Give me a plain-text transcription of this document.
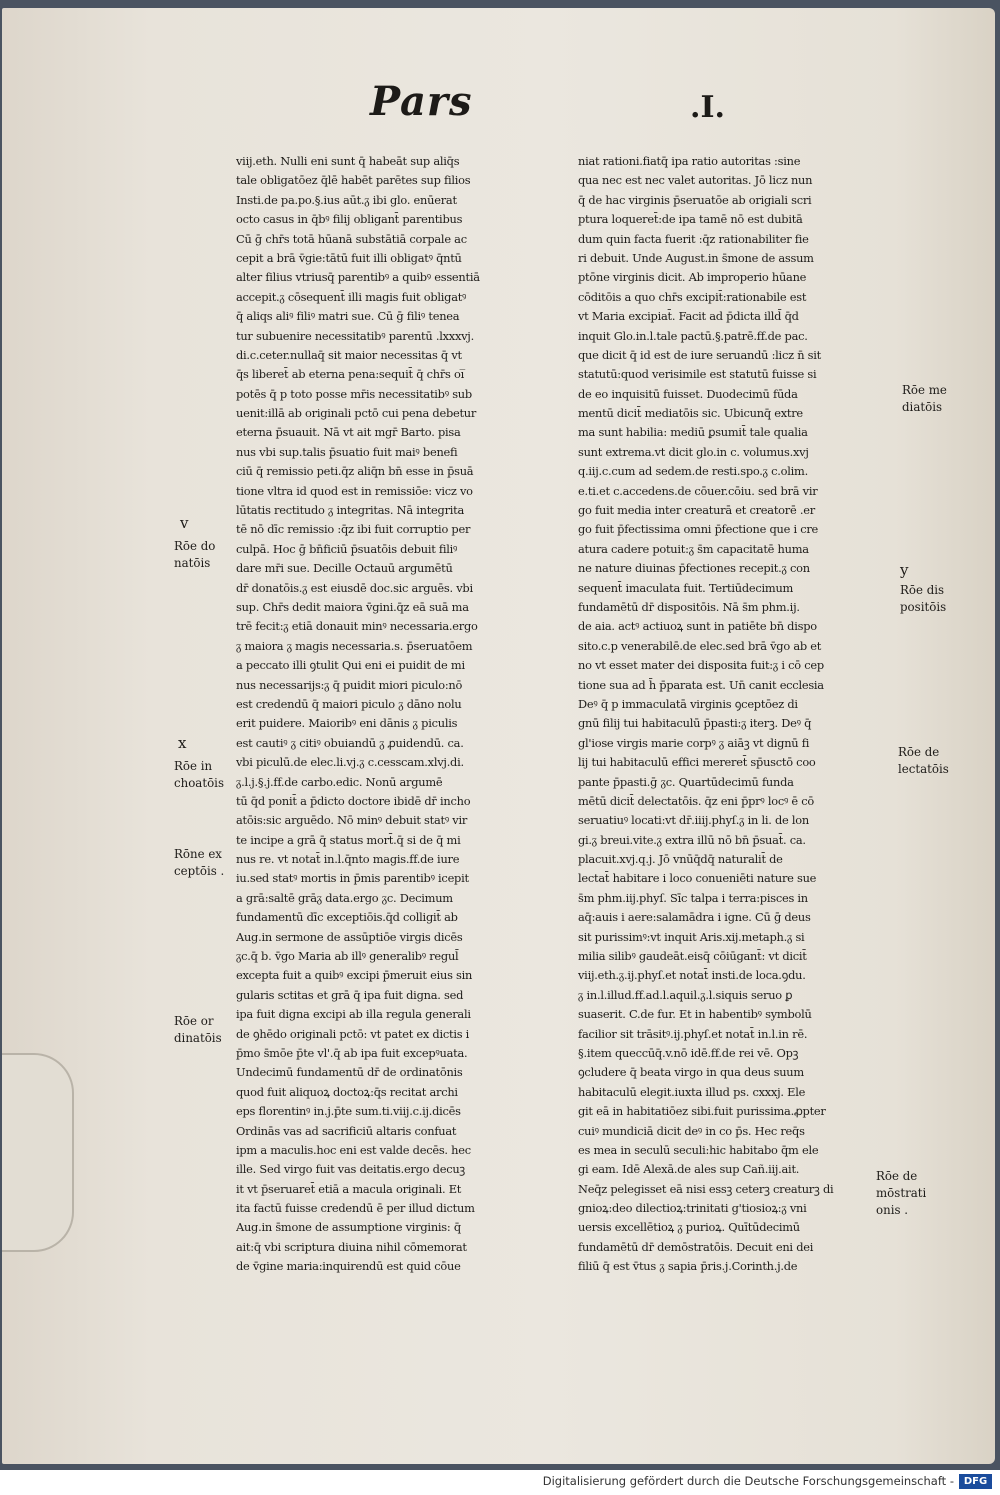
Pars	.I.
viij.eth. Nulli eni sunt q̄ habeāt sup aliq̄s
tale obligatōez q̄lē habēt parētes sup filios
Insti.de pa.po.§.ius aūt.ᵹ ibi glo. enūerat
octo casus in q̄bꝰ filij obligant̄ parentibus
Cū ḡ chr̄s totā hūanā substātiā corpale ac
cepit a brā v̄gie:tātū fuit illi obligatꝰ q̄ntū
alter filius vtriusq̄ parentibꝰ a quibꝰ essentiā
accepit.ᵹ cōsequent̄ illi magis fuit obligatꝰ
q̄ aliqs aliꝰ filiꝰ matri sue. Cū ḡ filiꝰ tenea
tur subuenire necessitatibꝰ parentū .lxxxvj.
di.c.ceter.nullaq̄ sit maior necessitas q̄ vt
q̄s liberet̄ ab eterna pena:sequit̄ q̄ chr̄s oi̅
potēs q̄ p toto posse mr̄is necessitatibꝰ sub
uenit:illā ab originali pctō cui pena debetur
eterna p̄suauit. Nā vt ait mgr̄ Barto. pisa
nus vbi sup.talis p̄suatio fuit maiꝰ benefi
ciū q̄ remissio peti.q̄z aliq̄n bn̄ esse in p̄suā
tione vltra id quod est in remissiōe: vicz vo
lūtatis rectitudo ᵹ integritas. Nā integrita
tē nō dīc remissio :q̄z ibi fuit corruptio per
culpā. Hoc ḡ bn̄ficiū p̄suatōis debuit filiꝰ
dare mr̄i sue. Decille Octauū argumētū
dr̄ donatōis.ᵹ est eiusdē doc.sic arguēs. vbi
sup. Chr̄s dedit maiora v̄gini.q̄z eā suā ma
trē fecit:ᵹ etiā donauit minꝰ necessaria.ergo
ᵹ maiora ᵹ magis necessaria.s. p̄seruatōem
a peccato illi ꝯtulit Qui eni ei puidit de mi
nus necessarijs:ᵹ q̄ puidit miori piculo:nō
est credendū q̄ maiori piculo ᵹ dāno nolu
erit puidere. Maioribꝰ eni dānis ᵹ piculis
est cautiꝰ ᵹ citiꝰ obuiandū ᵹ ꝓuidendū. ca.
vbi piculū.de elec.li.vj.ᵹ c.cesscam.xlvj.di.
ᵹ.l.j.§.j.ff.de carbo.edic. Nonū argumē
tū q̄d ponit̄ a p̄dicto doctore ibidē dr̄ incho
atōis:sic arguēdo. Nō minꝰ debuit statꝰ vir
te incipe a grā q̄ status mort̄.q̄ si de q̄ mi
nus re. vt notat̄ in.l.q̄nto magis.ff.de iure
iu.sed statꝰ mortis in p̄mis parentibꝰ icepit
a grā:saltē grāᵹ data.ergo ᵹc. Decimum
fundamentū dīc exceptiōis.q̄d colligit̄ ab
Aug.in sermone de assūptiōe virgis dicēs
ᵹc.q̄ b. v̄go Maria ab illꝰ generalibꝰ regul̄
excepta fuit a quibꝰ excipi p̄meruit eius sin
gularis sctitas et grā q̄ ipa fuit digna. sed
ipa fuit digna excipi ab illa regula generali
de ꝯhēdo originali pctō: vt patet ex dictis i
p̄mo s̄mōe p̄te vl'.q̄ ab ipa fuit excepꝰuata.
Undecimū fundamentū dr̄ de ordinatōnis
quod fuit aliquoꝝ doctoꝝ:q̄s recitat archi
eps florentinꝰ in.j.p̄te sum.ti.viij.c.ij.dicēs
Ordinās vas ad sacrificiū altaris confuat
ipm a maculis.hoc eni est valde decēs. hec
ille. Sed virgo fuit vas deitatis.ergo decuꝫ
it vt p̄seruaret̄ etiā a macula originali. Et
ita factū fuisse credendū ē per illud dictum
Aug.in s̄mone de assumptione virginis: q̄
ait:q̄ vbi scriptura diuina nihil cōmemorat
de v̄gine maria:inquirendū est quid cōue
niat rationi.fiatq̄ ipa ratio autoritas :sine
qua nec est nec valet autoritas. Jō licz nun
q̄ de hac virginis p̄seruatōe ab origiali scri
ptura loqueret̄:de ipa tamē nō est dubitā
dum quin facta fuerit :q̄z rationabiliter fie
ri debuit. Unde August.in s̄mone de assum
ptōne virginis dicit. Ab improperio hūane
cōditōis a quo chr̄s excipit̄:rationabile est
vt Maria excipiat̄. Facit ad p̄dicta illd̄ q̄d
inquit Glo.in.l.tale pactū.§.patrē.ff.de pac.
que dicit q̄ id est de iure seruandū :licz n̄ sit
statutū:quod verisimile est statutū fuisse si
de eo inquisitū fuisset. Duodecimū fūda
mentū dicit̄ mediatōis sic. Ubicunq̄ extre
ma sunt habilia: mediū ꝑsumit̄ tale qualia
sunt extrema.vt dicit glo.in c. volumus.xvj
q.iij.c.cum ad sedem.de resti.spo.ᵹ c.olim.
e.ti.et c.accedens.de cōuer.cōiu. sed brā vir
go fuit media inter creaturā et creatorē .er
go fuit p̄fectissima omni p̄fectione que i cre
atura cadere potuit:ᵹ s̄m capacitatē huma
ne nature diuinas p̄fectiones recepit.ᵹ con
sequent̄ imaculata fuit. Tertiūdecimum
fundamētū dr̄ dispositōis. Nā s̄m phm.ij.
de aia. actꝰ actiuoꝝ sunt in patiēte bn̄ dispo
sito.c.p venerabilē.de elec.sed brā v̄go ab et
no vt esset mater dei disposita fuit:ᵹ i cō cep
tione sua ad h̄ p̄parata est. Un̄ canit ecclesia
Deꝰ q̄ p immaculatā virginis ꝯceptōez di
gnū filij tui habitaculū p̄pasti:ᵹ iterꝫ. Deꝰ q̄
gl'iose virgis marie corpꝰ ᵹ aiāꝫ vt dignū fi
lij tui habitaculū effici mereret̄ sp̄usctō coo
pante p̄pasti.ḡ ᵹc. Quartūdecimū funda
mētū dicit̄ delectatōis. q̄z eni p̄prꝰ locꝰ ē cō
seruatiuꝰ locati:vt dr̄.iiij.phyſ.ᵹ in li. de lon
gi.ᵹ breui.vite.ᵹ extra illū nō bn̄ p̄suat̄. ca.
placuit.xvj.q.j. Jō vnūq̄dq̄ naturalit̄ de
lectat̄ habitare i loco conueniēti nature sue
s̄m phm.iij.phyſ. Sīc talpa i terra:pisces in
aq̄:auis i aere:salamādra i igne. Cū ḡ deus
sit purissimꝰ:vt inquit Aris.xij.metaph.ᵹ si
milia silibꝰ gaudeāt.eisq̄ cōiūgant̄: vt dicit̄
viij.eth.ᵹ.ij.phyſ.et notat̄ insti.de loca.ꝯdu.
ᵹ in.l.illud.ff.ad.l.aquil.ᵹ.l.siquis seruo ꝑ
suaserit. C.de fur. Et in habentibꝰ symbolū
facilior sit trāsitꝰ.ij.phyſ.et notat̄ in.l.in rē.
§.item queccūq̄.v.nō idē.ff.de rei vē. Opꝫ
ꝯcludere q̄ beata virgo in qua deus suum
habitaculū elegit.iuxta illud ps. cxxxj. Ele
git eā in habitatiōez sibi.fuit purissima.ꝓpter
cuiꝰ mundiciā dicit deꝰ in co p̄s. Hec req̄s
es mea in seculū seculi:hic habitabo q̄m ele
gi eam. Idē Alexā.de ales sup Cañ.iij.ait.
Neq̄z pelegisset eā nisi essꝫ ceterꝫ creaturꝫ di
gnioꝝ:deo dilectioꝝ:trinitati g'tiosioꝝ:ᵹ vni
uersis excellētioꝝ ᵹ purioꝝ. Quītūdecimū
fundamētū dr̄ demōstratōis. Decuit eni dei
filiū q̄ est v̄tus ᵹ sapia p̄ris.j.Corinth.j.de
v
Rōe do
natōis
x
Rōe in
choatōis
Rōne ex
ceptōis .
Rōe or
dinatōis
Rōe me
diatōis
y
Rōe dis
positōis
Rōe de
lectatōis
Rōe de
mōstrati
onis .
Digitalisierung gefördert durch die Deutsche Forschungsgemeinschaft - DFG
